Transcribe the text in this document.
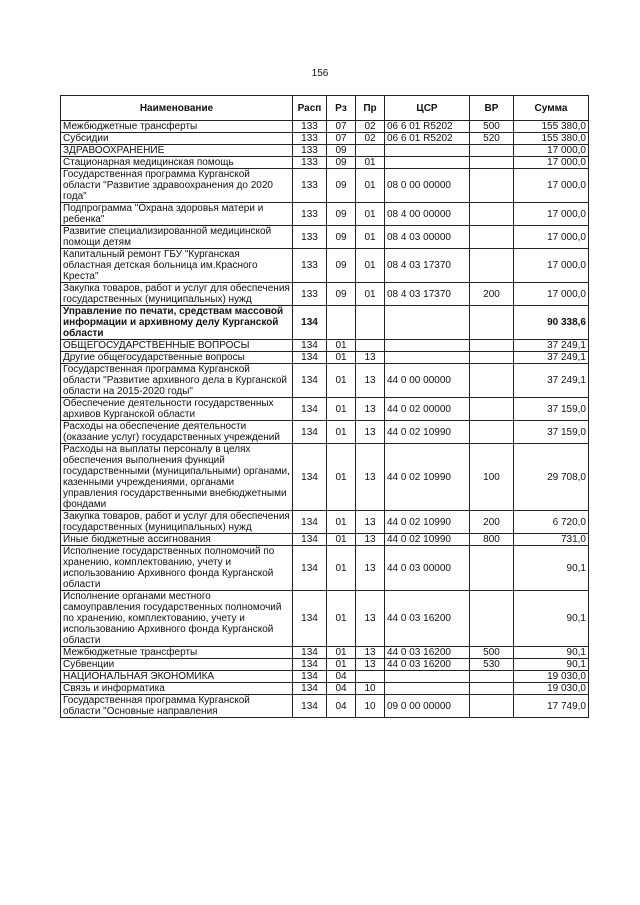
156
Наименование	Расп	Рз	Пр	ЦСР	ВР	Сумма
Межбюджетные трансферты	133	07	02	06 6 01 R5202	500	155 380,0
Субсидии	133	07	02	06 6 01 R5202	520	155 380,0
ЗДРАВООХРАНЕНИЕ	133	09				17 000,0
Стационарная медицинская помощь	133	09	01			17 000,0
Государственная программа Курганской области "Развитие здравоохранения до 2020 года"	133	09	01	08 0 00 00000		17 000,0
Подпрограмма "Охрана здоровья матери и ребенка"	133	09	01	08 4 00 00000		17 000,0
Развитие специализированной медицинской помощи детям	133	09	01	08 4 03 00000		17 000,0
Капитальный ремонт ГБУ "Курганская областная детская больница им.Красного Креста"	133	09	01	08 4 03 17370		17 000,0
Закупка товаров, работ и услуг для обеспечения государственных (муниципальных) нужд	133	09	01	08 4 03 17370	200	17 000,0
Управление по печати, средствам массовой информации и архивному делу Курганской области	134					90 338,6
ОБЩЕГОСУДАРСТВЕННЫЕ ВОПРОСЫ	134	01				37 249,1
Другие общегосударственные вопросы	134	01	13			37 249,1
Государственная программа Курганской области "Развитие архивного дела в Курганской области на 2015-2020 годы"	134	01	13	44 0 00 00000		37 249,1
Обеспечение деятельности государственных архивов Курганской области	134	01	13	44 0 02 00000		37 159,0
Расходы на обеспечение деятельности (оказание услуг) государственных учреждений	134	01	13	44 0 02 10990		37 159,0
Расходы на выплаты персоналу в целях обеспечения выполнения функций государственными (муниципальными) органами, казенными учреждениями, органами управления государственными внебюджетными фондами	134	01	13	44 0 02 10990	100	29 708,0
Закупка товаров, работ и услуг для обеспечения государственных (муниципальных) нужд	134	01	13	44 0 02 10990	200	6 720,0
Иные бюджетные ассигнования	134	01	13	44 0 02 10990	800	731,0
Исполнение государственных полномочий по хранению, комплектованию, учету и использованию Архивного фонда Курганской области	134	01	13	44 0 03 00000		90,1
Исполнение органами местного самоуправления государственных полномочий по хранению, комплектованию, учету и использованию Архивного фонда Курганской области	134	01	13	44 0 03 16200		90,1
Межбюджетные трансферты	134	01	13	44 0 03 16200	500	90,1
Субвенции	134	01	13	44 0 03 16200	530	90,1
НАЦИОНАЛЬНАЯ ЭКОНОМИКА	134	04				19 030,0
Связь и информатика	134	04	10			19 030,0
Государственная программа Курганской области "Основные направления	134	04	10	09 0 00 00000		17 749,0
